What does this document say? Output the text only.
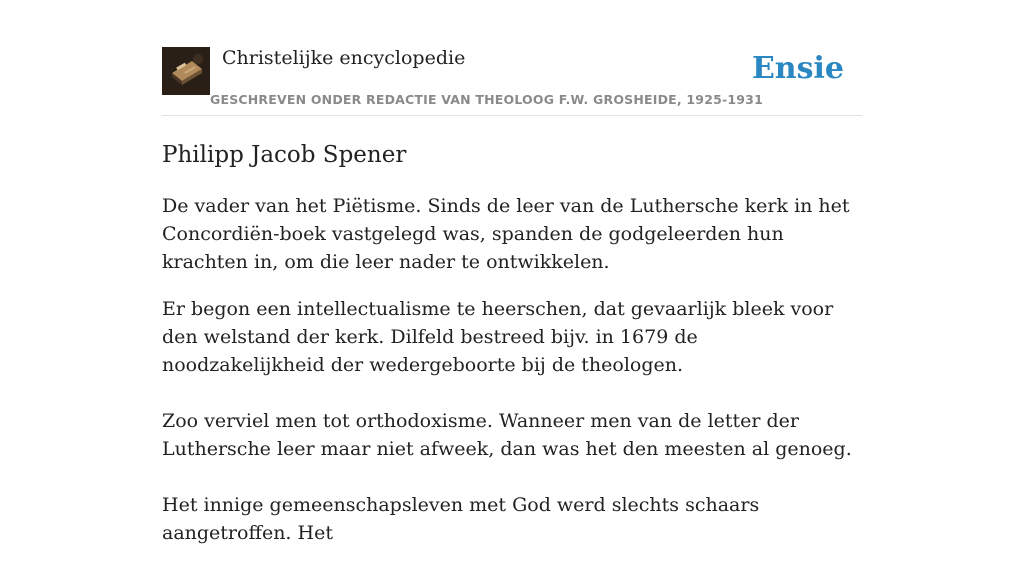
Christelijke encyclopedie
GESCHREVEN ONDER REDACTIE VAN THEOLOOG F.W. GROSHEIDE, 1925-1931
Ensie
Philipp Jacob Spener

De vader van het Piëtisme. Sinds de leer van de Luthersche kerk in het Concordiën-boek vastgelegd was, spanden de godgeleerden hun krachten in, om die leer nader te ontwikkelen.

Er begon een intellectualisme te heerschen, dat gevaarlijk bleek voor den welstand der kerk. Dilfeld bestreed bijv. in 1679 de noodzakelijkheid der wedergeboorte bij de theologen.

Zoo verviel men tot orthodoxisme. Wanneer men van de letter der Luthersche leer maar niet afweek, dan was het den meesten al genoeg.

Het innige gemeenschapsleven met God werd slechts schaars aangetroffen. Het
